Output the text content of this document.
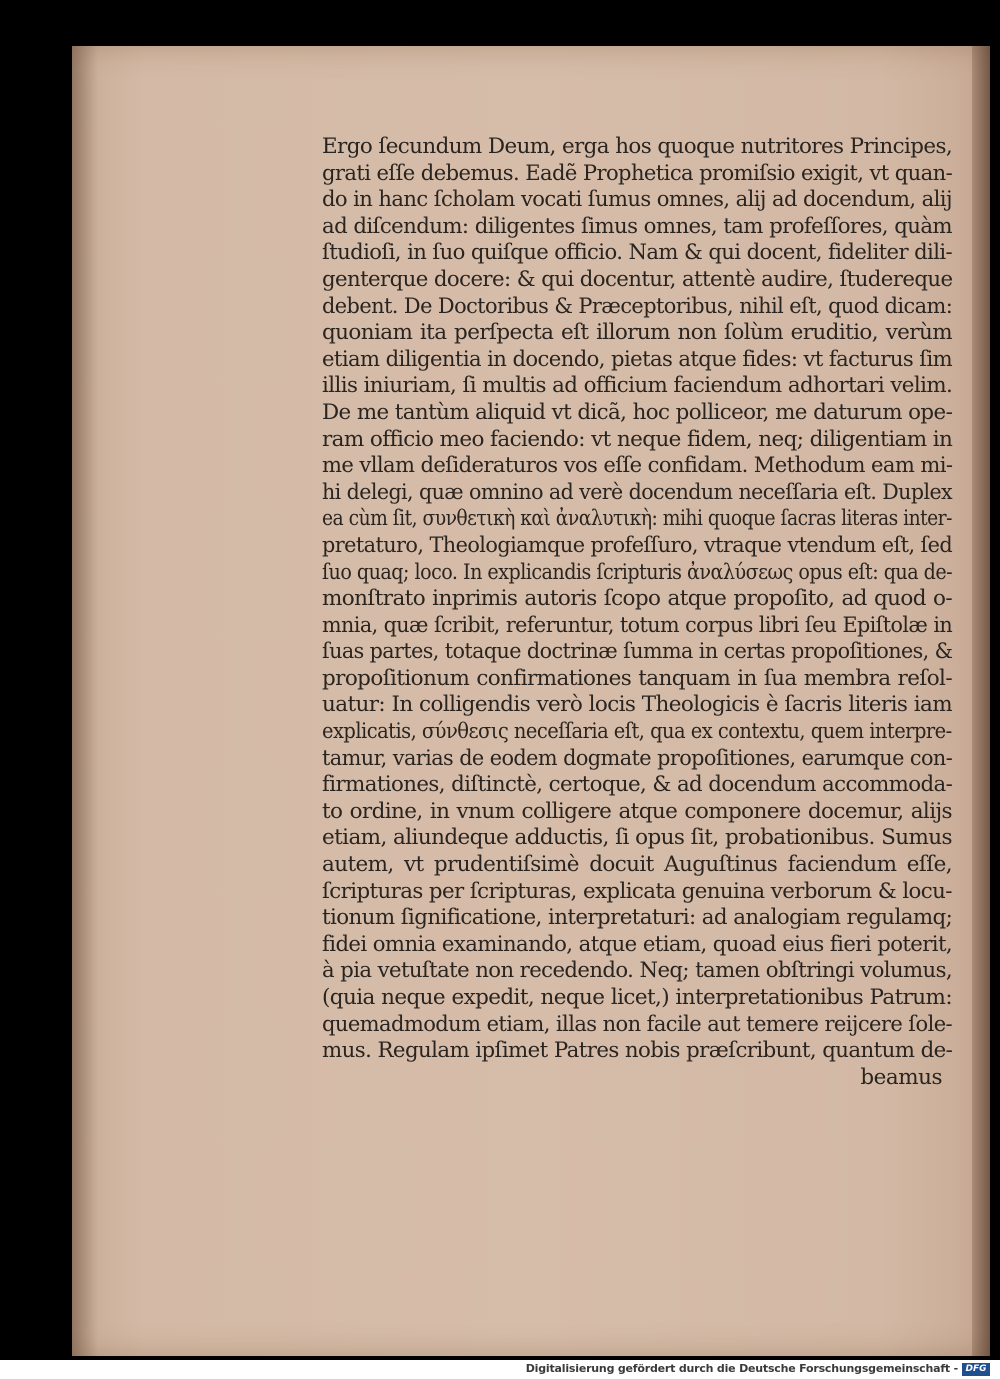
Ergo ſecundum Deum, erga hos quoque nutritores Principes,
grati eſſe debemus. Eadẽ Prophetica promiſsio exigit, vt quan-
do in hanc ſcholam vocati ſumus omnes, alij ad docendum, alij
ad diſcendum: diligentes ſimus omnes, tam profeſſores, quàm
ſtudioſi, in ſuo quiſque officio. Nam & qui docent, fideliter dili-
genterque docere: & qui docentur, attentè audire, ſtudereque
debent. De Doctoribus & Præceptoribus, nihil eſt, quod dicam:
quoniam ita perſpecta eſt illorum non ſolùm eruditio, verùm
etiam diligentia in docendo, pietas atque fides: vt facturus ſim
illis iniuriam, ſi multis ad officium faciendum adhortari velim.
De me tantùm aliquid vt dicã, hoc polliceor, me daturum ope-
ram officio meo faciendo: vt neque fidem, neq; diligentiam in
me vllam deſideraturos vos eſſe confidam. Methodum eam mi-
hi delegi, quæ omnino ad verè docendum neceſſaria eſt. Duplex
ea cùm ſit, συνθετικὴ καὶ ἀναλυτικὴ: mihi quoque ſacras literas inter-
pretaturo, Theologiamque profeſſuro, vtraque vtendum eſt, ſed
ſuo quaq; loco. In explicandis ſcripturis ἀναλύσεως opus eſt: qua de-
monſtrato inprimis autoris ſcopo atque propoſito, ad quod o-
mnia, quæ ſcribit, referuntur, totum corpus libri ſeu Epiſtolæ in
ſuas partes, totaque doctrinæ ſumma in certas propoſitiones, &
propoſitionum confirmationes tanquam in ſua membra reſol-
uatur: In colligendis verò locis Theologicis è ſacris literis iam
explicatis, σύνθεσις neceſſaria eſt, qua ex contextu, quem interpre-
tamur, varias de eodem dogmate propoſitiones, earumque con-
firmationes, diſtinctè, certoque, & ad docendum accommoda-
to ordine, in vnum colligere atque componere docemur, alijs
etiam, aliundeque adductis, ſi opus ſit, probationibus. Sumus
autem, vt prudentiſsimè docuit Auguſtinus faciendum eſſe,
ſcripturas per ſcripturas, explicata genuina verborum & locu-
tionum ſignificatione, interpretaturi: ad analogiam regulamq;
fidei omnia examinando, atque etiam, quoad eius fieri poterit,
à pia vetuſtate non recedendo. Neq; tamen obſtringi volumus,
(quia neque expedit, neque licet,) interpretationibus Patrum:
quemadmodum etiam, illas non facile aut temere reijcere ſole-
mus. Regulam ipſimet Patres nobis præſcribunt, quantum de-
beamus
Digitalisierung gefördert durch die Deutsche Forschungsgemeinschaft - DFG
